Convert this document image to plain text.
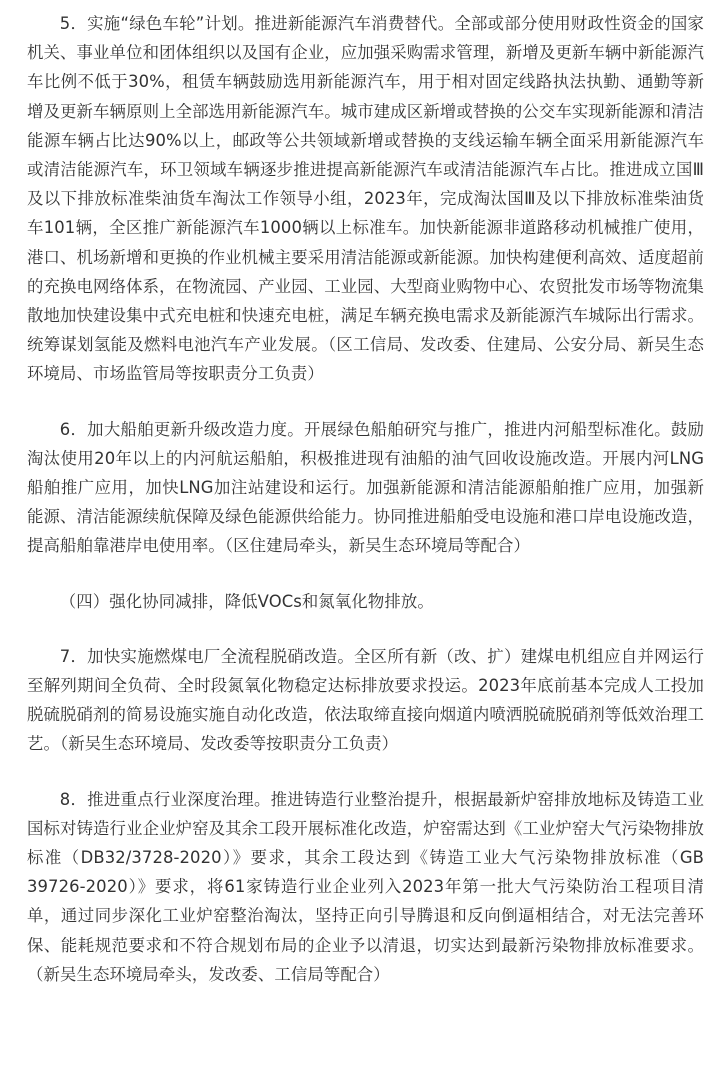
5．实施“绿色车轮”计划。推进新能源汽车消费替代。全部或部分使用财政性资金的国家机关、事业单位和团体组织以及国有企业，应加强采购需求管理，新增及更新车辆中新能源汽车比例不低于30%，租赁车辆鼓励选用新能源汽车，用于相对固定线路执法执勤、通勤等新增及更新车辆原则上全部选用新能源汽车。城市建成区新增或替换的公交车实现新能源和清洁能源车辆占比达90%以上，邮政等公共领域新增或替换的支线运输车辆全面采用新能源汽车或清洁能源汽车，环卫领域车辆逐步推进提高新能源汽车或清洁能源汽车占比。推进成立国Ⅲ及以下排放标准柴油货车淘汰工作领导小组，2023年，完成淘汰国Ⅲ及以下排放标准柴油货车101辆，全区推广新能源汽车1000辆以上标准车。加快新能源非道路移动机械推广使用，港口、机场新增和更换的作业机械主要采用清洁能源或新能源。加快构建便利高效、适度超前的充换电网络体系，在物流园、产业园、工业园、大型商业购物中心、农贸批发市场等物流集散地加快建设集中式充电桩和快速充电桩，满足车辆充换电需求及新能源汽车城际出行需求。统筹谋划氢能及燃料电池汽车产业发展。（区工信局、发改委、住建局、公安分局、新吴生态环境局、市场监管局等按职责分工负责）

6．加大船舶更新升级改造力度。开展绿色船舶研究与推广，推进内河船型标准化。鼓励淘汰使用20年以上的内河航运船舶，积极推进现有油船的油气回收设施改造。开展内河LNG船舶推广应用，加快LNG加注站建设和运行。加强新能源和清洁能源船舶推广应用，加强新能源、清洁能源续航保障及绿色能源供给能力。协同推进船舶受电设施和港口岸电设施改造，提高船舶靠港岸电使用率。（区住建局牵头，新吴生态环境局等配合）

（四）强化协同减排，降低VOCs和氮氧化物排放。

7．加快实施燃煤电厂全流程脱硝改造。全区所有新（改、扩）建煤电机组应自并网运行至解列期间全负荷、全时段氮氧化物稳定达标排放要求投运。2023年底前基本完成人工投加脱硫脱硝剂的简易设施实施自动化改造，依法取缔直接向烟道内喷洒脱硫脱硝剂等低效治理工艺。（新吴生态环境局、发改委等按职责分工负责）

8．推进重点行业深度治理。推进铸造行业整治提升，根据最新炉窑排放地标及铸造工业国标对铸造行业企业炉窑及其余工段开展标准化改造，炉窑需达到《工业炉窑大气污染物排放标准（DB32/3728-2020）》要求，其余工段达到《铸造工业大气污染物排放标准（GB 39726-2020）》要求，将61家铸造行业企业列入2023年第一批大气污染防治工程项目清单，通过同步深化工业炉窑整治淘汰，坚持正向引导腾退和反向倒逼相结合，对无法完善环保、能耗规范要求和不符合规划布局的企业予以清退，切实达到最新污染物排放标准要求。（新吴生态环境局牵头，发改委、工信局等配合）
